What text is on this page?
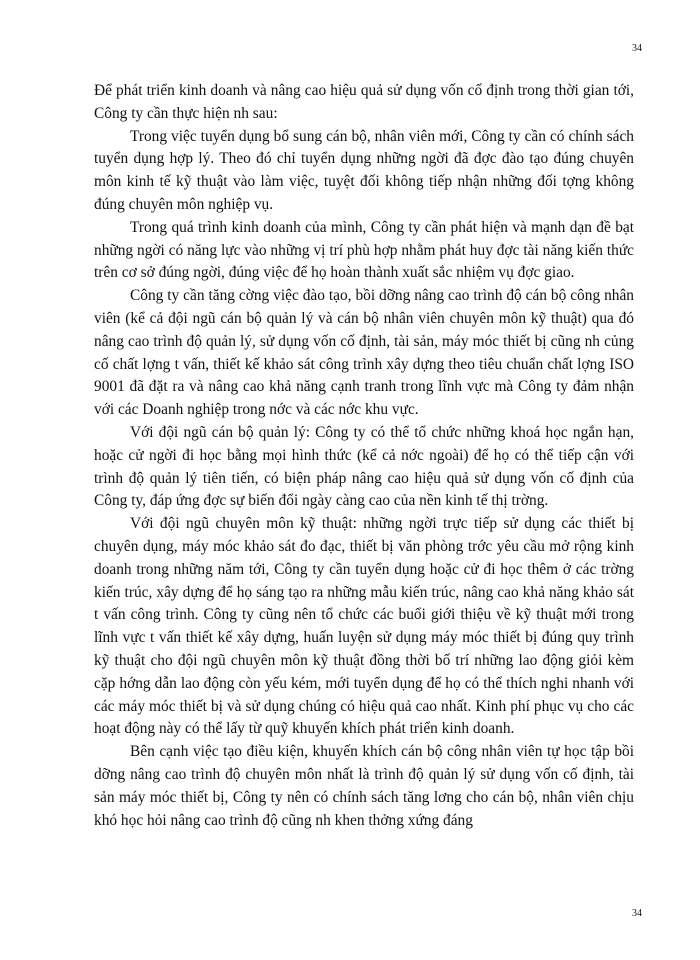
34

Để phát triển kinh doanh và nâng cao hiệu quả sử dụng vốn cố định trong thời gian tới, Công ty cần thực hiện nh sau:

Trong việc tuyển dụng bổ sung cán bộ, nhân viên mới, Công ty cần có chính sách tuyển dụng hợp lý. Theo đó chỉ tuyển dụng những ngời đã đợc đào tạo đúng chuyên môn kinh tế kỹ thuật vào làm việc, tuyệt đối không tiếp nhận những đối tợng không đúng chuyên môn nghiệp vụ.

Trong quá trình kinh doanh của mình, Công ty cần phát hiện và mạnh dạn đề bạt những ngời có năng lực vào những vị trí phù hợp nhằm phát huy đợc tài năng kiến thức trên cơ sở đúng ngời, đúng việc để họ hoàn thành xuất sắc nhiệm vụ đợc giao.

Công ty cần tăng cờng việc đào tạo, bồi dỡng nâng cao trình độ cán bộ công nhân viên (kể cả đội ngũ cán bộ quản lý và cán bộ nhân viên chuyên môn kỹ thuật) qua đó nâng cao trình độ quản lý, sử dụng vốn cố định, tài sản, máy móc thiết bị cũng nh củng cố chất lợng t vấn, thiết kế khảo sát công trình xây dựng theo tiêu chuẩn chất lợng ISO 9001 đã đặt ra và nâng cao khả năng cạnh tranh trong lĩnh vực mà Công ty đảm nhận với các Doanh nghiệp trong nớc và các nớc khu vực.

Với đội ngũ cán bộ quản lý: Công ty có thể tổ chức những khoá học ngắn hạn, hoặc cử ngời đi học bằng mọi hình thức (kể cả nớc ngoài) để họ có thể tiếp cận với trình độ quản lý tiên tiến, có biện pháp nâng cao hiệu quả sử dụng vốn cố định của Công ty, đáp ứng đợc sự biến đổi ngày càng cao của nền kinh tế thị trờng.

Với đội ngũ chuyên môn kỹ thuật: những ngời trực tiếp sử dụng các thiết bị chuyên dụng, máy móc khảo sát đo đạc, thiết bị văn phòng trớc yêu cầu mở rộng kinh doanh trong những năm tới, Công ty cần tuyển dụng hoặc cử đi học thêm ở các trờng kiến trúc, xây dựng để họ sáng tạo ra những mẫu kiến trúc, nâng cao khả năng khảo sát t vấn công trình. Công ty cũng nên tổ chức các buổi giới thiệu về kỹ thuật mới trong lĩnh vực t vấn thiết kế xây dựng, huấn luyện sử dụng máy móc thiết bị đúng quy trình kỹ thuật cho đội ngũ chuyên môn kỹ thuật đồng thời bố trí những lao động giỏi kèm cặp hớng dẫn lao động còn yếu kém, mới tuyển dụng để họ có thể thích nghi nhanh với các máy móc thiết bị và sử dụng chúng có hiệu quả cao nhất. Kinh phí phục vụ cho các hoạt động này có thể lấy từ quỹ khuyến khích phát triển kinh doanh.

Bên cạnh việc tạo điều kiện, khuyến khích cán bộ công nhân viên tự học tập bồi dỡng nâng cao trình độ chuyên môn nhất là trình độ quản lý sử dụng vốn cố định, tài sản máy móc thiết bị, Công ty nên có chính sách tăng lơng cho cán bộ, nhân viên chịu khó học hỏi nâng cao trình độ cũng nh khen thởng xứng đáng

34
